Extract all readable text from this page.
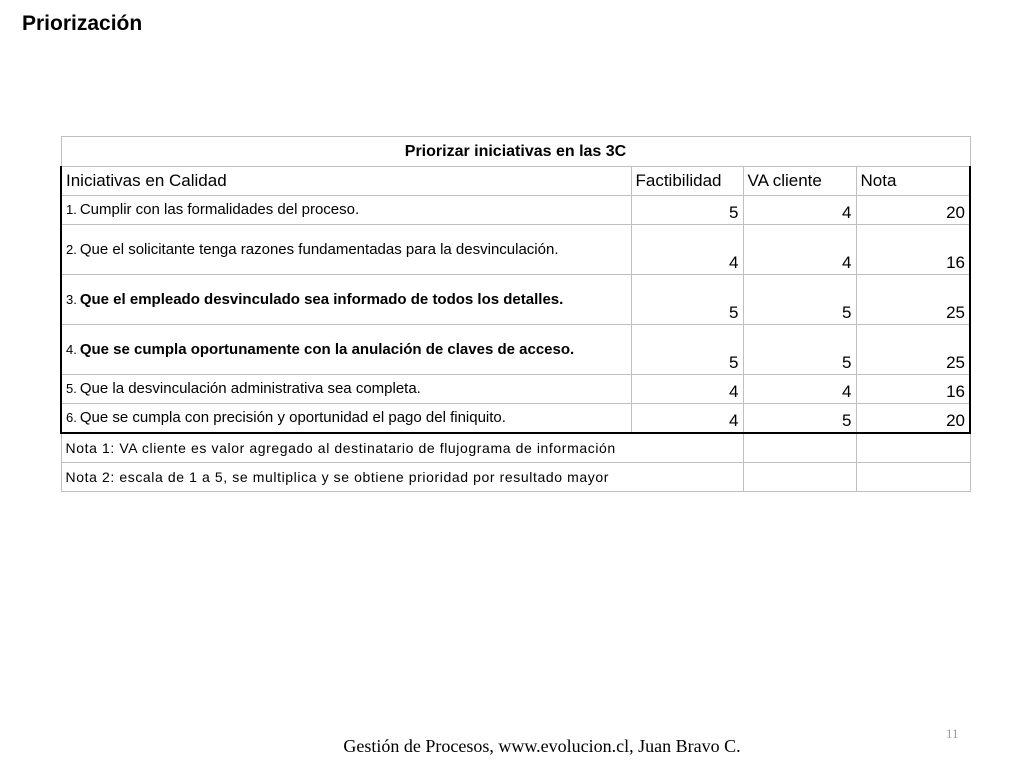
Priorización
Priorizar iniciativas en las 3C			
Iniciativas en Calidad	Factibilidad	VA cliente	Nota
1. Cumplir con las formalidades del proceso.	5	4	20
2. Que el solicitante tenga razones fundamentadas para la desvinculación.	4	4	16
3. Que el empleado desvinculado sea informado de todos los detalles.	5	5	25
4. Que se cumpla oportunamente con la anulación de claves de acceso.	5	5	25
5. Que la desvinculación administrativa sea completa.	4	4	16
6. Que se cumpla con precisión y oportunidad el pago del finiquito.	4	5	20
Nota 1: VA cliente es valor agregado al destinatario de flujograma de información			
Nota 2: escala de 1 a 5, se multiplica y se obtiene prioridad por resultado mayor			
11
Gestión de Procesos, www.evolucion.cl, Juan Bravo C.
